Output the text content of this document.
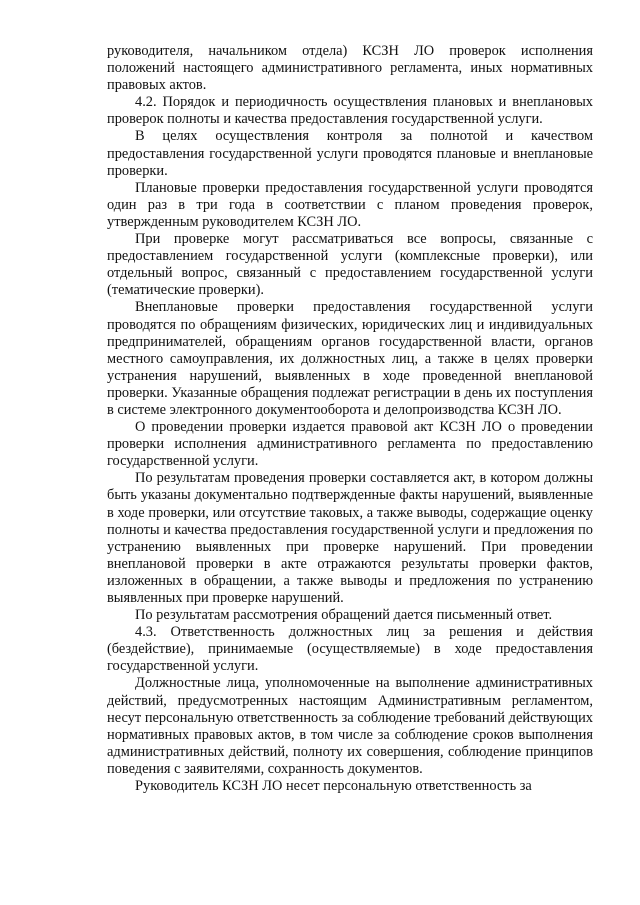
руководителя, начальником отдела) КСЗН ЛО проверок исполнения положений настоящего административного регламента, иных нормативных правовых актов.

4.2. Порядок и периодичность осуществления плановых и внеплановых проверок полноты и качества предоставления государственной услуги.

В целях осуществления контроля за полнотой и качеством предоставления государственной услуги проводятся плановые и внеплановые проверки.

Плановые проверки предоставления государственной услуги проводятся один раз в три года в соответствии с планом проведения проверок, утвержденным руководителем КСЗН ЛО.

При проверке могут рассматриваться все вопросы, связанные с предоставлением государственной услуги (комплексные проверки), или отдельный вопрос, связанный с предоставлением государственной услуги (тематические проверки).

Внеплановые проверки предоставления государственной услуги проводятся по обращениям физических, юридических лиц и индивидуальных предпринимателей, обращениям органов государственной власти, органов местного самоуправления, их должностных лиц, а также в целях проверки устранения нарушений, выявленных в ходе проведенной внеплановой проверки. Указанные обращения подлежат регистрации в день их поступления в системе электронного документооборота и делопроизводства КСЗН ЛО.

О проведении проверки издается правовой акт КСЗН ЛО о проведении проверки исполнения административного регламента по предоставлению государственной услуги.

По результатам проведения проверки составляется акт, в котором должны быть указаны документально подтвержденные факты нарушений, выявленные в ходе проверки, или отсутствие таковых, а также выводы, содержащие оценку полноты и качества предоставления государственной услуги и предложения по устранению выявленных при проверке нарушений. При проведении внеплановой проверки в акте отражаются результаты проверки фактов, изложенных в обращении, а также выводы и предложения по устранению выявленных при проверке нарушений.

По результатам рассмотрения обращений дается письменный ответ.

4.3. Ответственность должностных лиц за решения и действия (бездействие), принимаемые (осуществляемые) в ходе предоставления государственной услуги.

Должностные лица, уполномоченные на выполнение административных действий, предусмотренных настоящим Административным регламентом, несут персональную ответственность за соблюдение требований действующих нормативных правовых актов, в том числе за соблюдение сроков выполнения административных действий, полноту их совершения, соблюдение принципов поведения с заявителями, сохранность документов.

Руководитель КСЗН ЛО несет персональную ответственность за
